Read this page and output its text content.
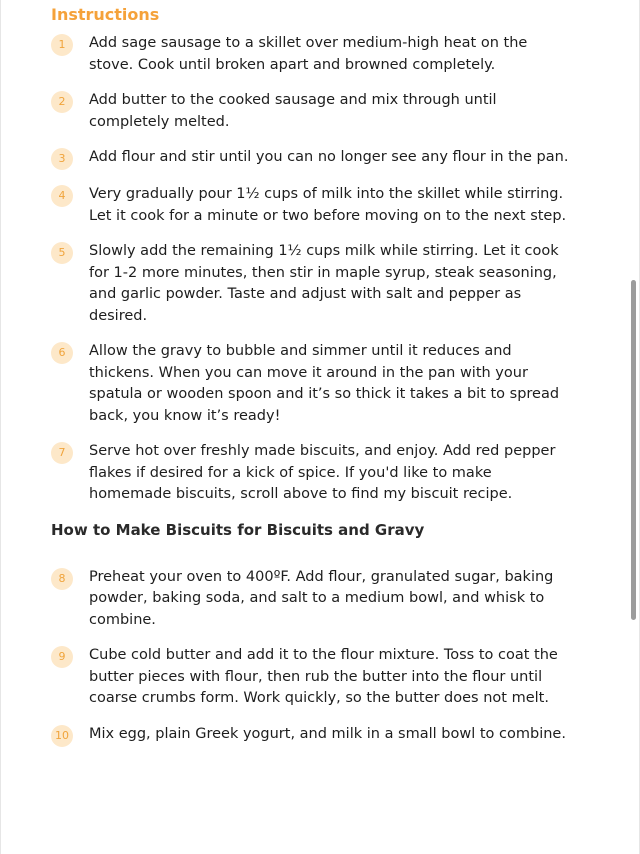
Instructions
1	Add sage sausage to a skillet over medium-high heat on the stove. Cook until broken apart and browned completely.
2	Add butter to the cooked sausage and mix through until completely melted.
3	Add flour and stir until you can no longer see any flour in the pan.
4	Very gradually pour 1½ cups of milk into the skillet while stirring. Let it cook for a minute or two before moving on to the next step.
5	Slowly add the remaining 1½ cups milk while stirring. Let it cook for 1-2 more minutes, then stir in maple syrup, steak seasoning, and garlic powder. Taste and adjust with salt and pepper as desired.
6	Allow the gravy to bubble and simmer until it reduces and thickens. When you can move it around in the pan with your spatula or wooden spoon and it’s so thick it takes a bit to spread back, you know it’s ready!
7	Serve hot over freshly made biscuits, and enjoy. Add red pepper flakes if desired for a kick of spice. If you'd like to make homemade biscuits, scroll above to find my biscuit recipe.
How to Make Biscuits for Biscuits and Gravy
8	Preheat your oven to 400ºF. Add flour, granulated sugar, baking powder, baking soda, and salt to a medium bowl, and whisk to combine.
9	Cube cold butter and add it to the flour mixture. Toss to coat the butter pieces with flour, then rub the butter into the flour until coarse crumbs form. Work quickly, so the butter does not melt.
10 Mix egg, plain Greek yogurt, and milk in a small bowl to combine.
